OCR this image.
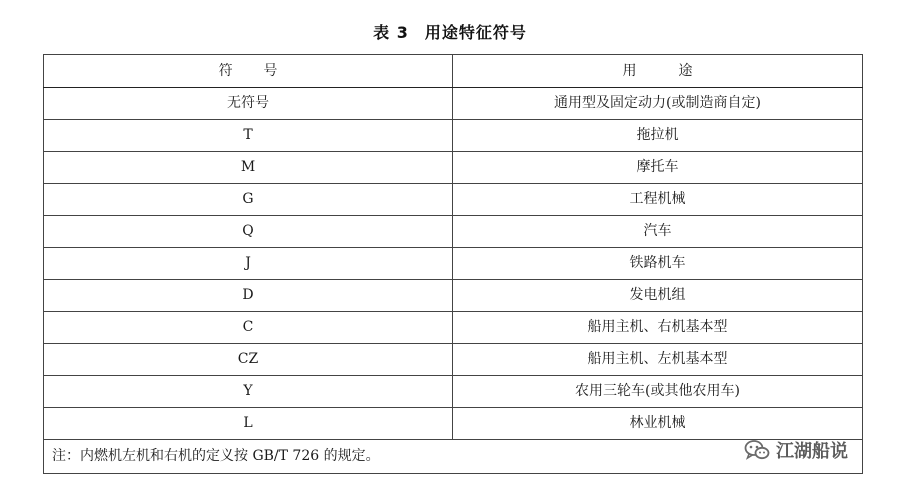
表 3 用途特征符号
符号	用途
无符号	通用型及固定动力(或制造商自定)
T	拖拉机
M	摩托车
G	工程机械
Q	汽车
J	铁路机车
D	发电机组
C	船用主机、右机基本型
CZ	船用主机、左机基本型
Y	农用三轮车(或其他农用车)
L	林业机械
注：内燃机左机和右机的定义按 GB/T 726 的规定。		江湖船说
